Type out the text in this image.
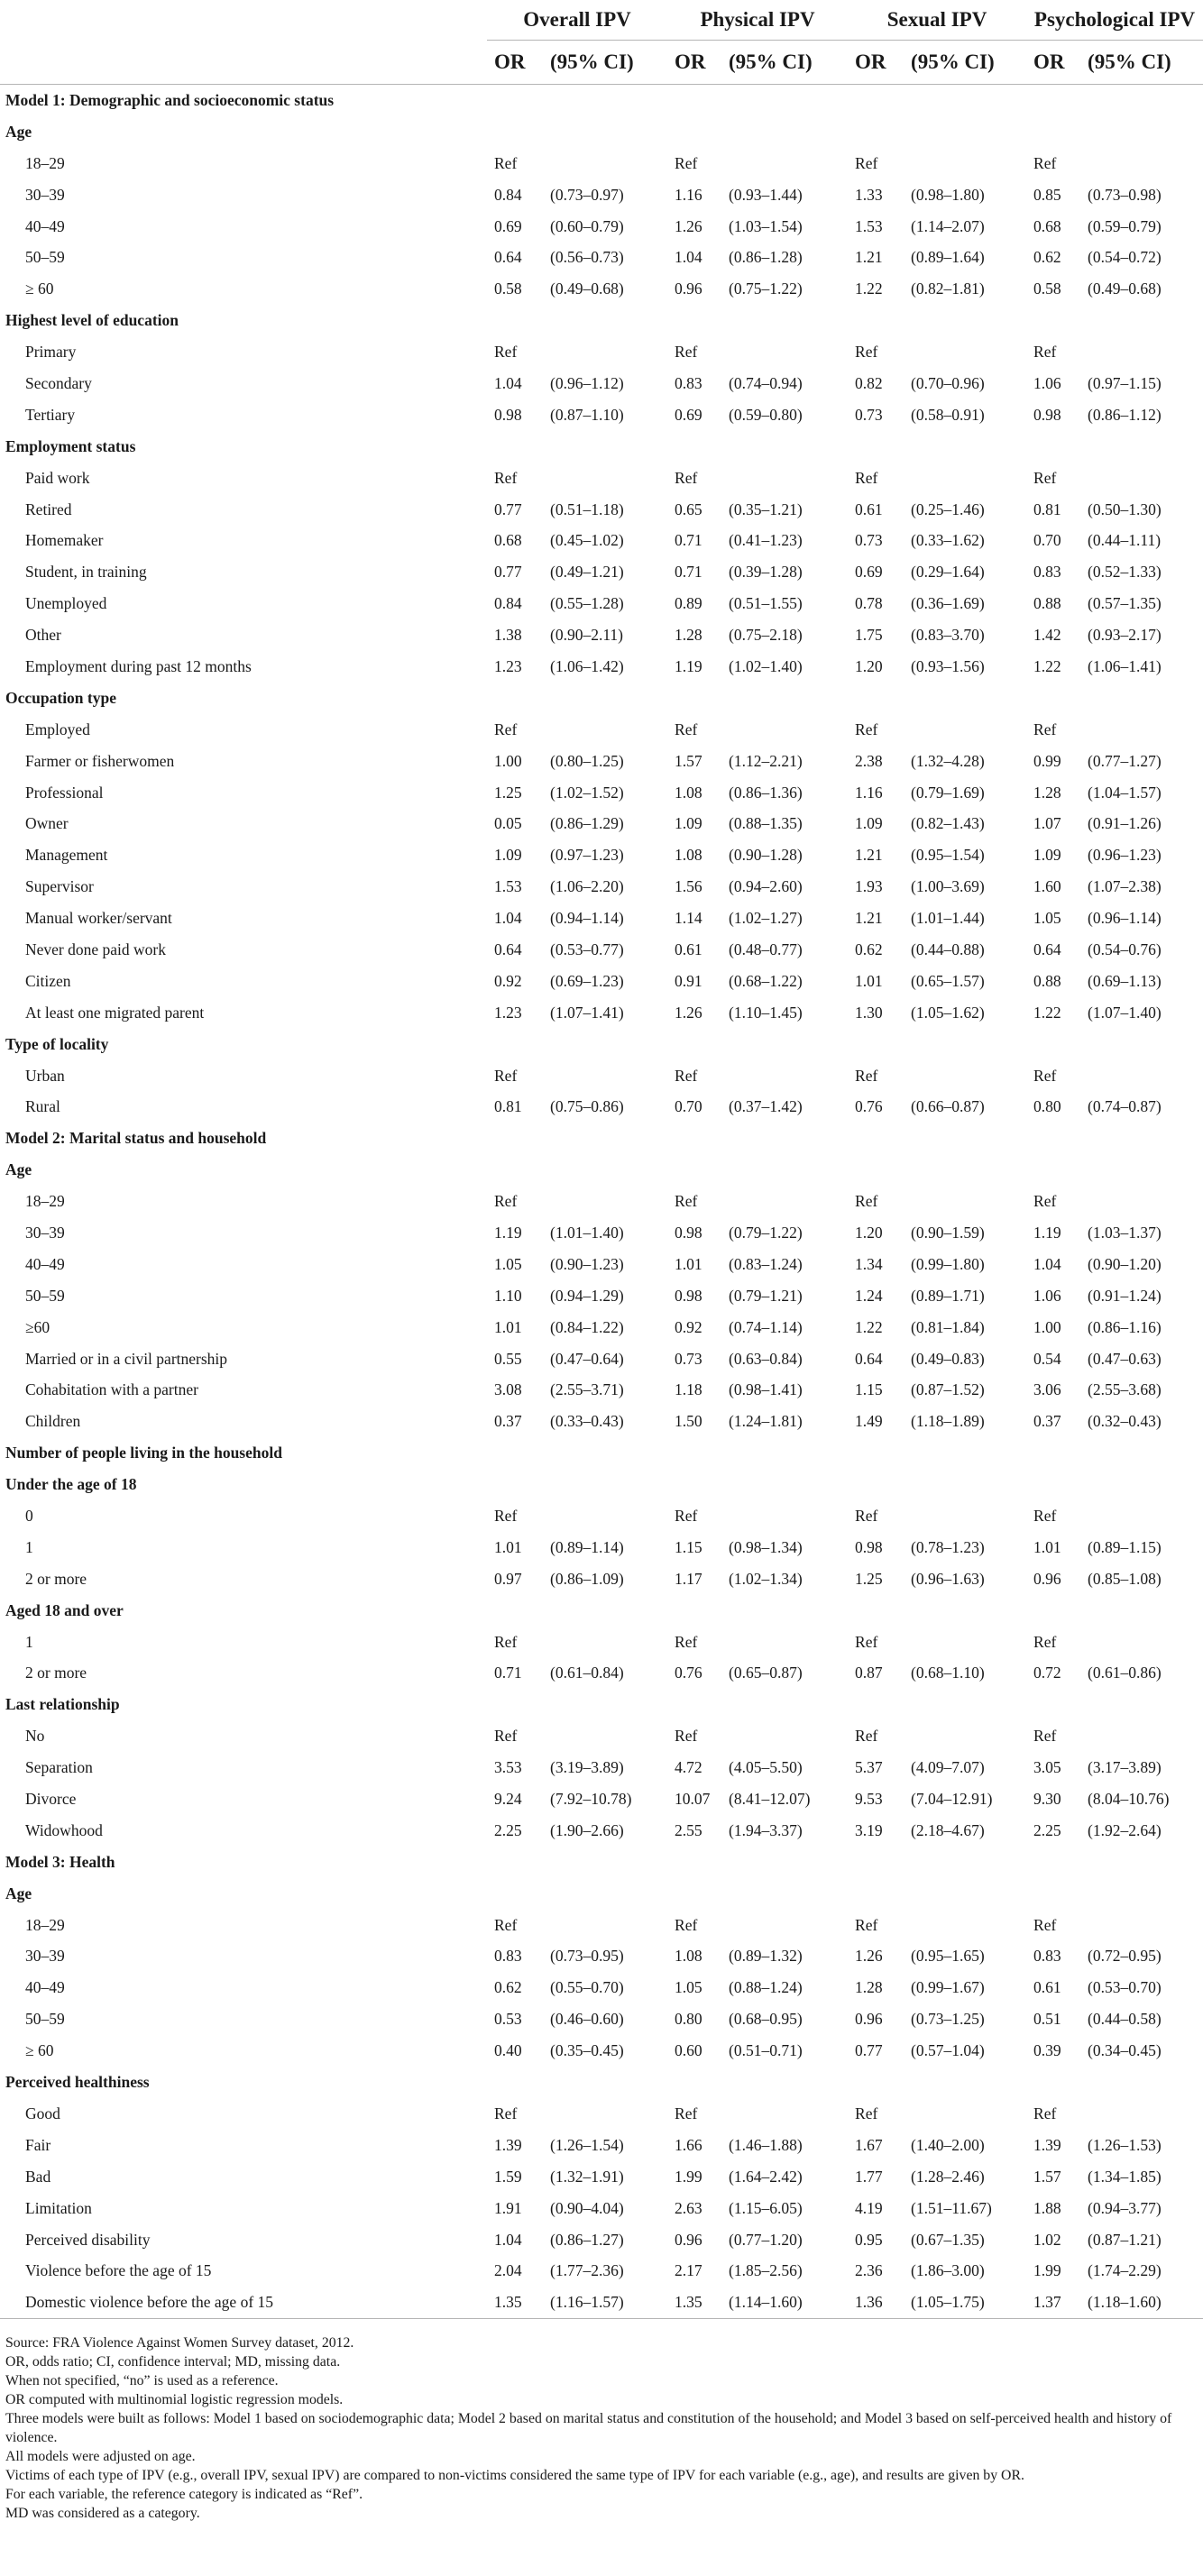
	Overall IPV		Physical IPV		Sexual IPV		Psychological IPV	
	OR	(95% CI)	OR	(95% CI)	OR	(95% CI)	OR	(95% CI)
Model 1: Demographic and socioeconomic status								
Age								
18–29	Ref		Ref		Ref		Ref	
30–39	0.84	(0.73–0.97)	1.16	(0.93–1.44)	1.33	(0.98–1.80)	0.85	(0.73–0.98)
40–49	0.69	(0.60–0.79)	1.26	(1.03–1.54)	1.53	(1.14–2.07)	0.68	(0.59–0.79)
50–59	0.64	(0.56–0.73)	1.04	(0.86–1.28)	1.21	(0.89–1.64)	0.62	(0.54–0.72)
≥ 60	0.58	(0.49–0.68)	0.96	(0.75–1.22)	1.22	(0.82–1.81)	0.58	(0.49–0.68)
Highest level of education								
Primary	Ref		Ref		Ref		Ref	
Secondary	1.04	(0.96–1.12)	0.83	(0.74–0.94)	0.82	(0.70–0.96)	1.06	(0.97–1.15)
Tertiary	0.98	(0.87–1.10)	0.69	(0.59–0.80)	0.73	(0.58–0.91)	0.98	(0.86–1.12)
Employment status								
Paid work	Ref		Ref		Ref		Ref	
Retired	0.77	(0.51–1.18)	0.65	(0.35–1.21)	0.61	(0.25–1.46)	0.81	(0.50–1.30)
Homemaker	0.68	(0.45–1.02)	0.71	(0.41–1.23)	0.73	(0.33–1.62)	0.70	(0.44–1.11)
Student, in training	0.77	(0.49–1.21)	0.71	(0.39–1.28)	0.69	(0.29–1.64)	0.83	(0.52–1.33)
Unemployed	0.84	(0.55–1.28)	0.89	(0.51–1.55)	0.78	(0.36–1.69)	0.88	(0.57–1.35)
Other	1.38	(0.90–2.11)	1.28	(0.75–2.18)	1.75	(0.83–3.70)	1.42	(0.93–2.17)
Employment during past 12 months	1.23	(1.06–1.42)	1.19	(1.02–1.40)	1.20	(0.93–1.56)	1.22	(1.06–1.41)
Occupation type								
Employed	Ref		Ref		Ref		Ref	
Farmer or fisherwomen	1.00	(0.80–1.25)	1.57	(1.12–2.21)	2.38	(1.32–4.28)	0.99	(0.77–1.27)
Professional	1.25	(1.02–1.52)	1.08	(0.86–1.36)	1.16	(0.79–1.69)	1.28	(1.04–1.57)
Owner	0.05	(0.86–1.29)	1.09	(0.88–1.35)	1.09	(0.82–1.43)	1.07	(0.91–1.26)
Management	1.09	(0.97–1.23)	1.08	(0.90–1.28)	1.21	(0.95–1.54)	1.09	(0.96–1.23)
Supervisor	1.53	(1.06–2.20)	1.56	(0.94–2.60)	1.93	(1.00–3.69)	1.60	(1.07–2.38)
Manual worker/servant	1.04	(0.94–1.14)	1.14	(1.02–1.27)	1.21	(1.01–1.44)	1.05	(0.96–1.14)
Never done paid work	0.64	(0.53–0.77)	0.61	(0.48–0.77)	0.62	(0.44–0.88)	0.64	(0.54–0.76)
Citizen	0.92	(0.69–1.23)	0.91	(0.68–1.22)	1.01	(0.65–1.57)	0.88	(0.69–1.13)
At least one migrated parent	1.23	(1.07–1.41)	1.26	(1.10–1.45)	1.30	(1.05–1.62)	1.22	(1.07–1.40)
Type of locality								
Urban	Ref		Ref		Ref		Ref	
Rural	0.81	(0.75–0.86)	0.70	(0.37–1.42)	0.76	(0.66–0.87)	0.80	(0.74–0.87)
Model 2: Marital status and household								
Age								
18–29	Ref		Ref		Ref		Ref	
30–39	1.19	(1.01–1.40)	0.98	(0.79–1.22)	1.20	(0.90–1.59)	1.19	(1.03–1.37)
40–49	1.05	(0.90–1.23)	1.01	(0.83–1.24)	1.34	(0.99–1.80)	1.04	(0.90–1.20)
50–59	1.10	(0.94–1.29)	0.98	(0.79–1.21)	1.24	(0.89–1.71)	1.06	(0.91–1.24)
≥60	1.01	(0.84–1.22)	0.92	(0.74–1.14)	1.22	(0.81–1.84)	1.00	(0.86–1.16)
Married or in a civil partnership	0.55	(0.47–0.64)	0.73	(0.63–0.84)	0.64	(0.49–0.83)	0.54	(0.47–0.63)
Cohabitation with a partner	3.08	(2.55–3.71)	1.18	(0.98–1.41)	1.15	(0.87–1.52)	3.06	(2.55–3.68)
Children	0.37	(0.33–0.43)	1.50	(1.24–1.81)	1.49	(1.18–1.89)	0.37	(0.32–0.43)
Number of people living in the household								
Under the age of 18								
0	Ref		Ref		Ref		Ref	
1	1.01	(0.89–1.14)	1.15	(0.98–1.34)	0.98	(0.78–1.23)	1.01	(0.89–1.15)
2 or more	0.97	(0.86–1.09)	1.17	(1.02–1.34)	1.25	(0.96–1.63)	0.96	(0.85–1.08)
Aged 18 and over								
1	Ref		Ref		Ref		Ref	
2 or more	0.71	(0.61–0.84)	0.76	(0.65–0.87)	0.87	(0.68–1.10)	0.72	(0.61–0.86)
Last relationship								
No	Ref		Ref		Ref		Ref	
Separation	3.53	(3.19–3.89)	4.72	(4.05–5.50)	5.37	(4.09–7.07)	3.05	(3.17–3.89)
Divorce	9.24	(7.92–10.78)	10.07	(8.41–12.07)	9.53	(7.04–12.91)	9.30	(8.04–10.76)
Widowhood	2.25	(1.90–2.66)	2.55	(1.94–3.37)	3.19	(2.18–4.67)	2.25	(1.92–2.64)
Model 3: Health								
Age								
18–29	Ref		Ref		Ref		Ref	
30–39	0.83	(0.73–0.95)	1.08	(0.89–1.32)	1.26	(0.95–1.65)	0.83	(0.72–0.95)
40–49	0.62	(0.55–0.70)	1.05	(0.88–1.24)	1.28	(0.99–1.67)	0.61	(0.53–0.70)
50–59	0.53	(0.46–0.60)	0.80	(0.68–0.95)	0.96	(0.73–1.25)	0.51	(0.44–0.58)
≥ 60	0.40	(0.35–0.45)	0.60	(0.51–0.71)	0.77	(0.57–1.04)	0.39	(0.34–0.45)
Perceived healthiness								
Good	Ref		Ref		Ref		Ref	
Fair	1.39	(1.26–1.54)	1.66	(1.46–1.88)	1.67	(1.40–2.00)	1.39	(1.26–1.53)
Bad	1.59	(1.32–1.91)	1.99	(1.64–2.42)	1.77	(1.28–2.46)	1.57	(1.34–1.85)
Limitation	1.91	(0.90–4.04)	2.63	(1.15–6.05)	4.19	(1.51–11.67)	1.88	(0.94–3.77)
Perceived disability	1.04	(0.86–1.27)	0.96	(0.77–1.20)	0.95	(0.67–1.35)	1.02	(0.87–1.21)
Violence before the age of 15	2.04	(1.77–2.36)	2.17	(1.85–2.56)	2.36	(1.86–3.00)	1.99	(1.74–2.29)
Domestic violence before the age of 15	1.35	(1.16–1.57)	1.35	(1.14–1.60)	1.36	(1.05–1.75)	1.37	(1.18–1.60)
Source: FRA Violence Against Women Survey dataset, 2012.
OR, odds ratio; CI, confidence interval; MD, missing data.
When not specified, “no” is used as a reference.
OR computed with multinomial logistic regression models.
Three models were built as follows: Model 1 based on sociodemographic data; Model 2 based on marital status and constitution of the household; and Model 3 based on self-perceived health and history of violence.
All models were adjusted on age.
Victims of each type of IPV (e.g., overall IPV, sexual IPV) are compared to non-victims considered the same type of IPV for each variable (e.g., age), and results are given by OR.
For each variable, the reference category is indicated as “Ref”.
MD was considered as a category.
